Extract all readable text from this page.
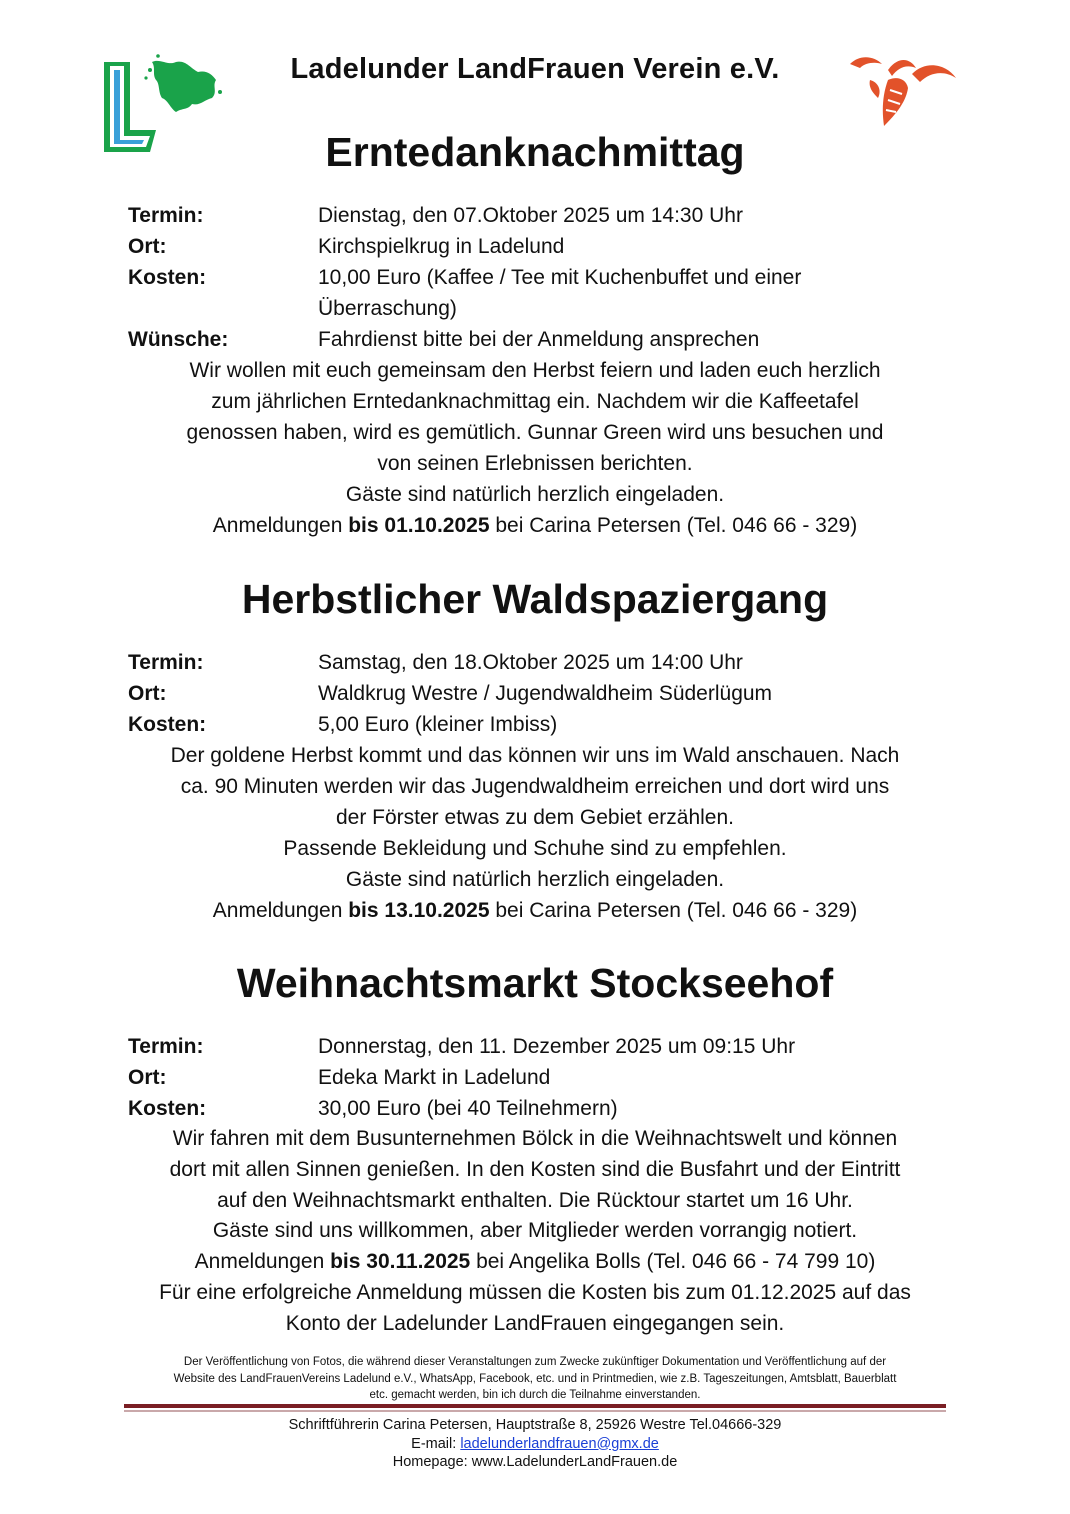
Ladelunder LandFrauen Verein e.V.
Erntedanknachmittag
Termin:	Dienstag, den 07.Oktober 2025 um 14:30 Uhr
Ort:	Kirchspielkrug in Ladelund
Kosten:	10,00 Euro (Kaffee / Tee mit Kuchenbuffet und einer
Überraschung)
Wünsche:	Fahrdienst bitte bei der Anmeldung ansprechen

Wir wollen mit euch gemeinsam den Herbst feiern und laden euch herzlich

zum jährlichen Erntedanknachmittag ein. Nachdem wir die Kaffeetafel

genossen haben, wird es gemütlich. Gunnar Green wird uns besuchen und

von seinen Erlebnissen berichten.

Gäste sind natürlich herzlich eingeladen.

Anmeldungen bis 01.10.2025 bei Carina Petersen (Tel. 046 66 - 329)

Herbstlicher Waldspaziergang
Termin:	Samstag, den 18.Oktober 2025 um 14:00 Uhr
Ort:	Waldkrug Westre / Jugendwaldheim Süderlügum
Kosten:	5,00 Euro (kleiner Imbiss)

Der goldene Herbst kommt und das können wir uns im Wald anschauen. Nach

ca. 90 Minuten werden wir das Jugendwaldheim erreichen und dort wird uns

der Förster etwas zu dem Gebiet erzählen.

Passende Bekleidung und Schuhe sind zu empfehlen.

Gäste sind natürlich herzlich eingeladen.

Anmeldungen bis 13.10.2025 bei Carina Petersen (Tel. 046 66 - 329)

Weihnachtsmarkt Stockseehof
Termin:	Donnerstag, den 11. Dezember 2025 um 09:15 Uhr
Ort:	Edeka Markt in Ladelund
Kosten:	30,00 Euro (bei 40 Teilnehmern)

Wir fahren mit dem Busunternehmen Bölck in die Weihnachtswelt und können

dort mit allen Sinnen genießen. In den Kosten sind die Busfahrt und der Eintritt

auf den Weihnachtsmarkt enthalten. Die Rücktour startet um 16 Uhr.

Gäste sind uns willkommen, aber Mitglieder werden vorrangig notiert.

Anmeldungen bis 30.11.2025 bei Angelika Bolls (Tel. 046 66 - 74 799 10)

Für eine erfolgreiche Anmeldung müssen die Kosten bis zum 01.12.2025 auf das

Konto der Ladelunder LandFrauen eingegangen sein.

Der Veröffentlichung von Fotos, die während dieser Veranstaltungen zum Zwecke zukünftiger Dokumentation und Veröffentlichung auf der
Website des LandFrauenVereins Ladelund e.V., WhatsApp, Facebook, etc. und in Printmedien, wie z.B. Tageszeitungen, Amtsblatt, Bauerblatt
etc. gemacht werden, bin ich durch die Teilnahme einverstanden.
Schriftführerin Carina Petersen, Hauptstraße 8, 25926 Westre Tel.04666-329
E-mail: ladelunderlandfrauen@gmx.de
Homepage: www.LadelunderLandFrauen.de
